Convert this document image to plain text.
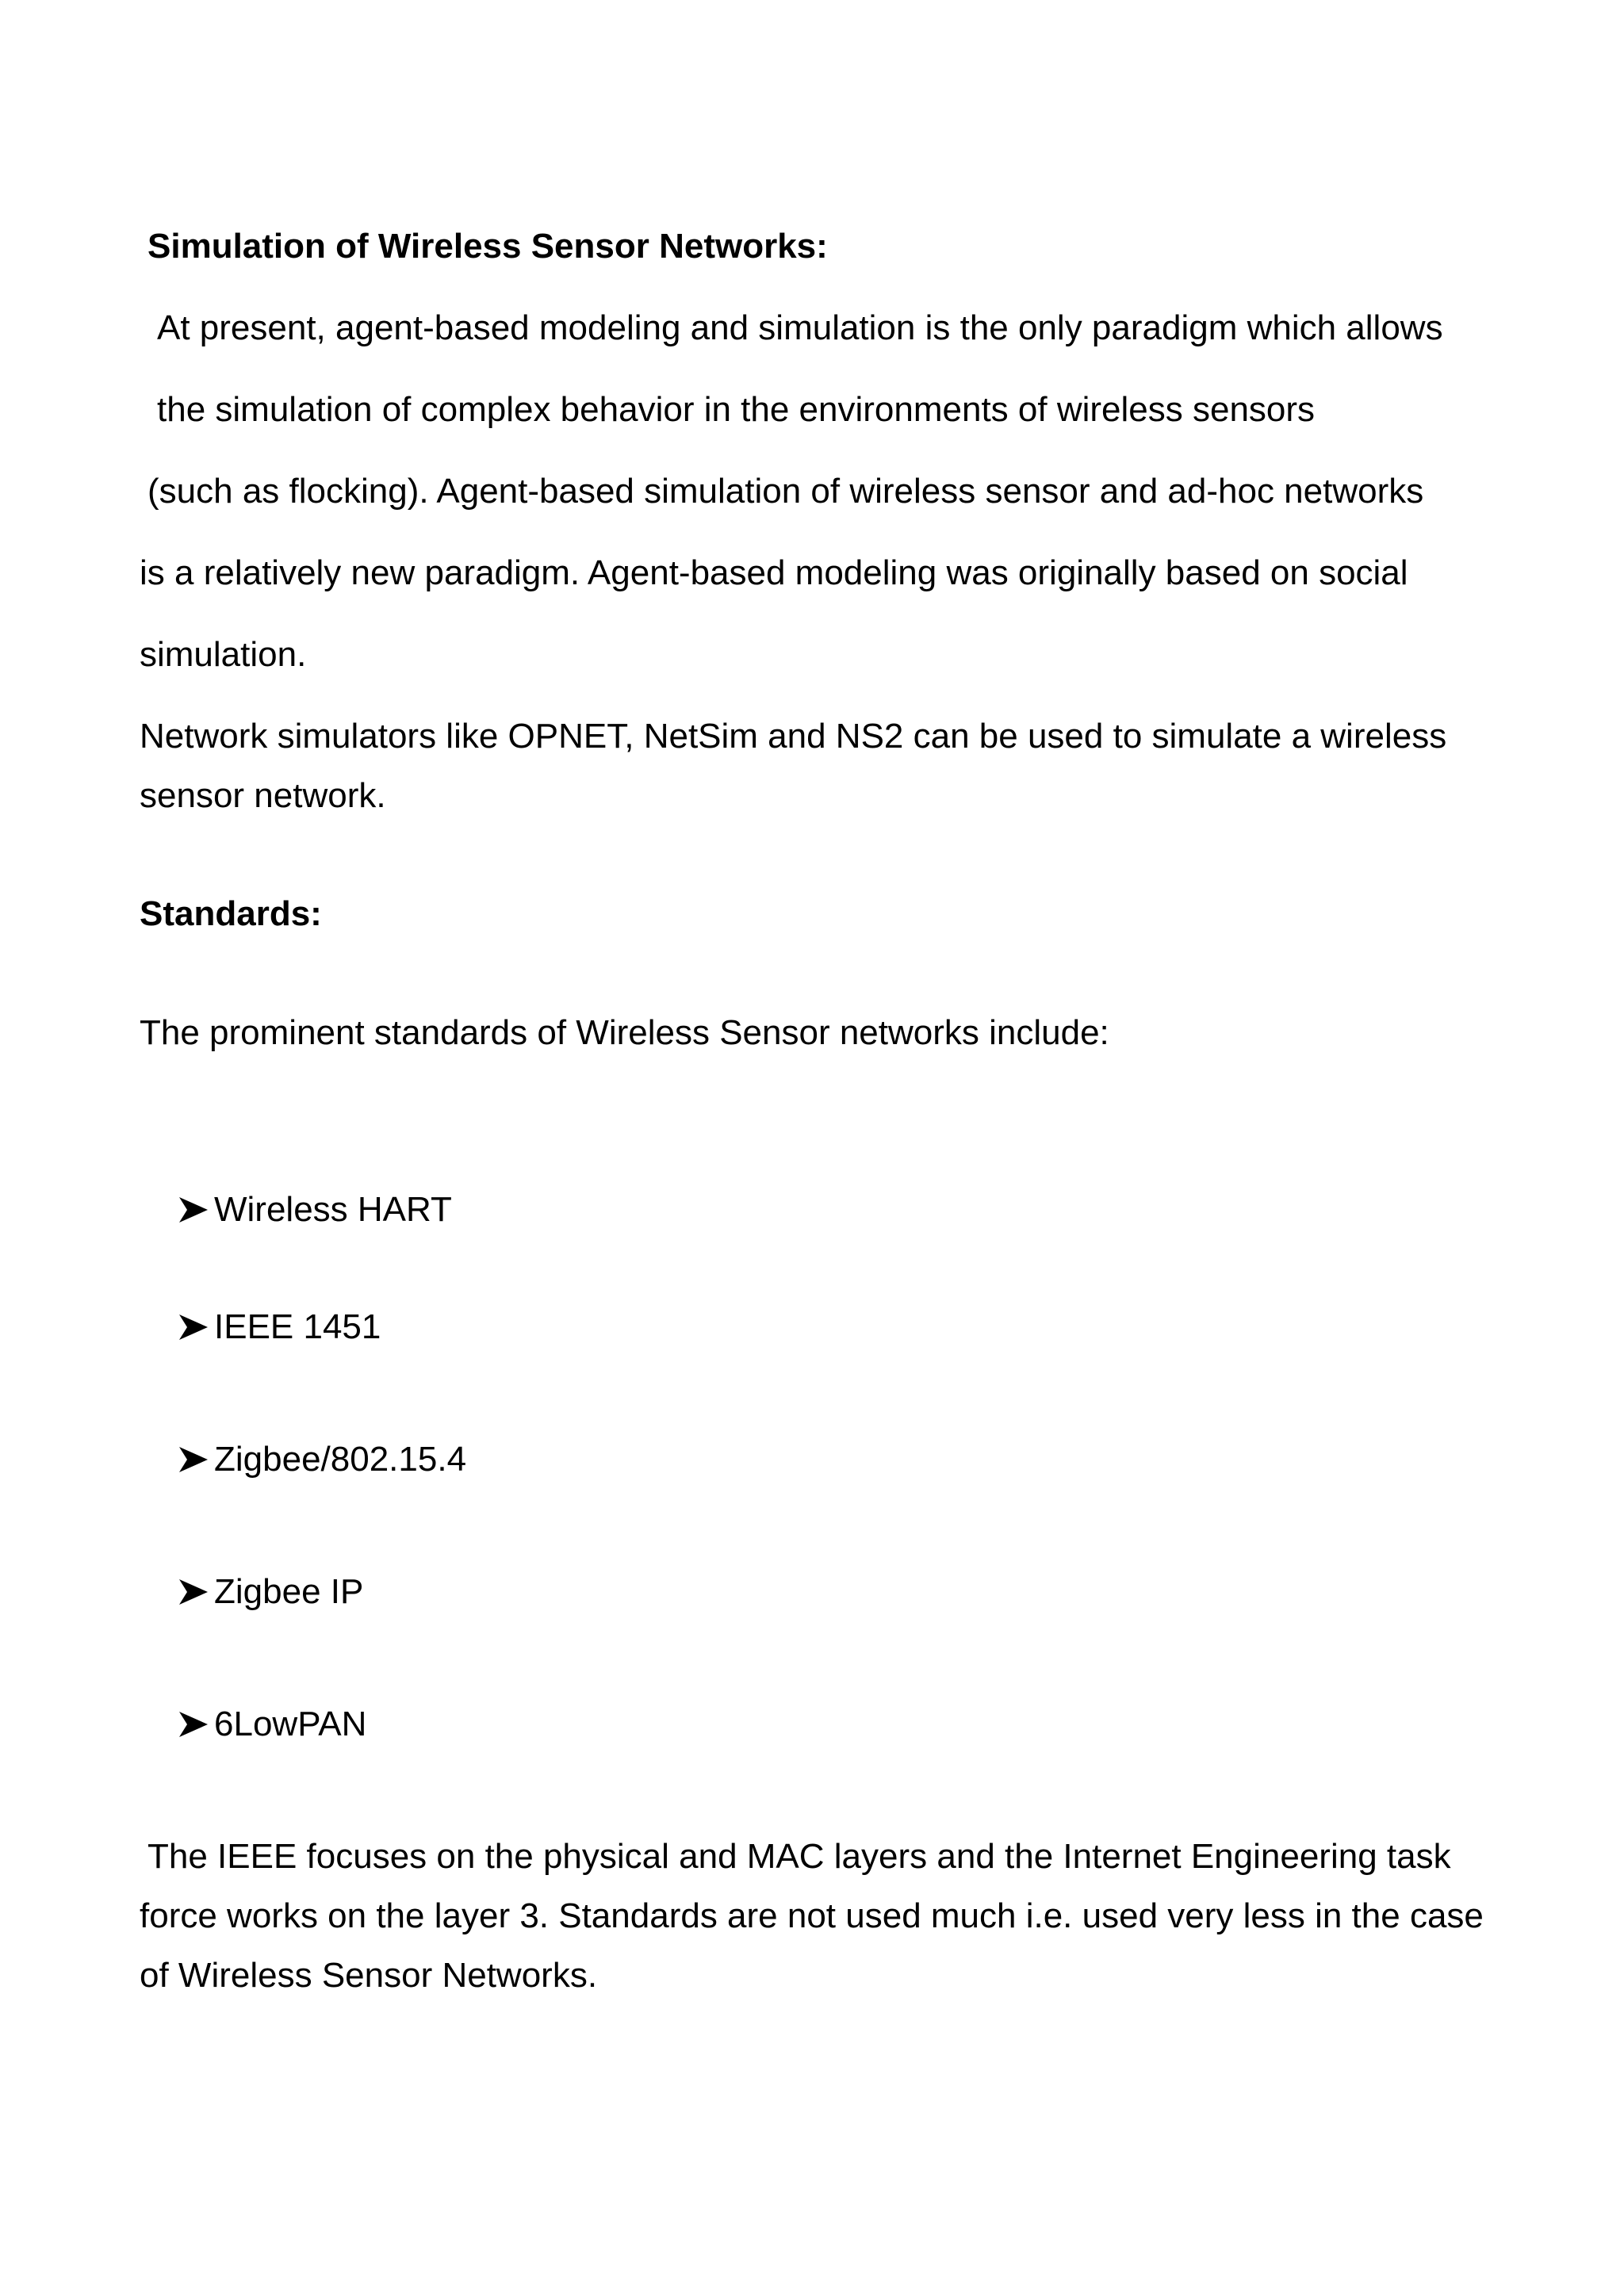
Simulation of Wireless Sensor Networks:
At present, agent-based modeling and simulation is the only paradigm which allows
the simulation of complex behavior in the environments of wireless sensors
(such as flocking). Agent-based simulation of wireless sensor and ad-hoc networks
is a relatively new paradigm. Agent-based modeling was originally based on social
simulation.
Network simulators like OPNET, NetSim and NS2 can be used to simulate a wireless
sensor network.
Standards:
The prominent standards of Wireless Sensor networks include:
Wireless HART
IEEE 1451
Zigbee/802.15.4
Zigbee IP
6LowPAN
The IEEE focuses on the physical and MAC layers and the Internet Engineering task
force works on the layer 3. Standards are not used much i.e. used very less in the case
of Wireless Sensor Networks.
